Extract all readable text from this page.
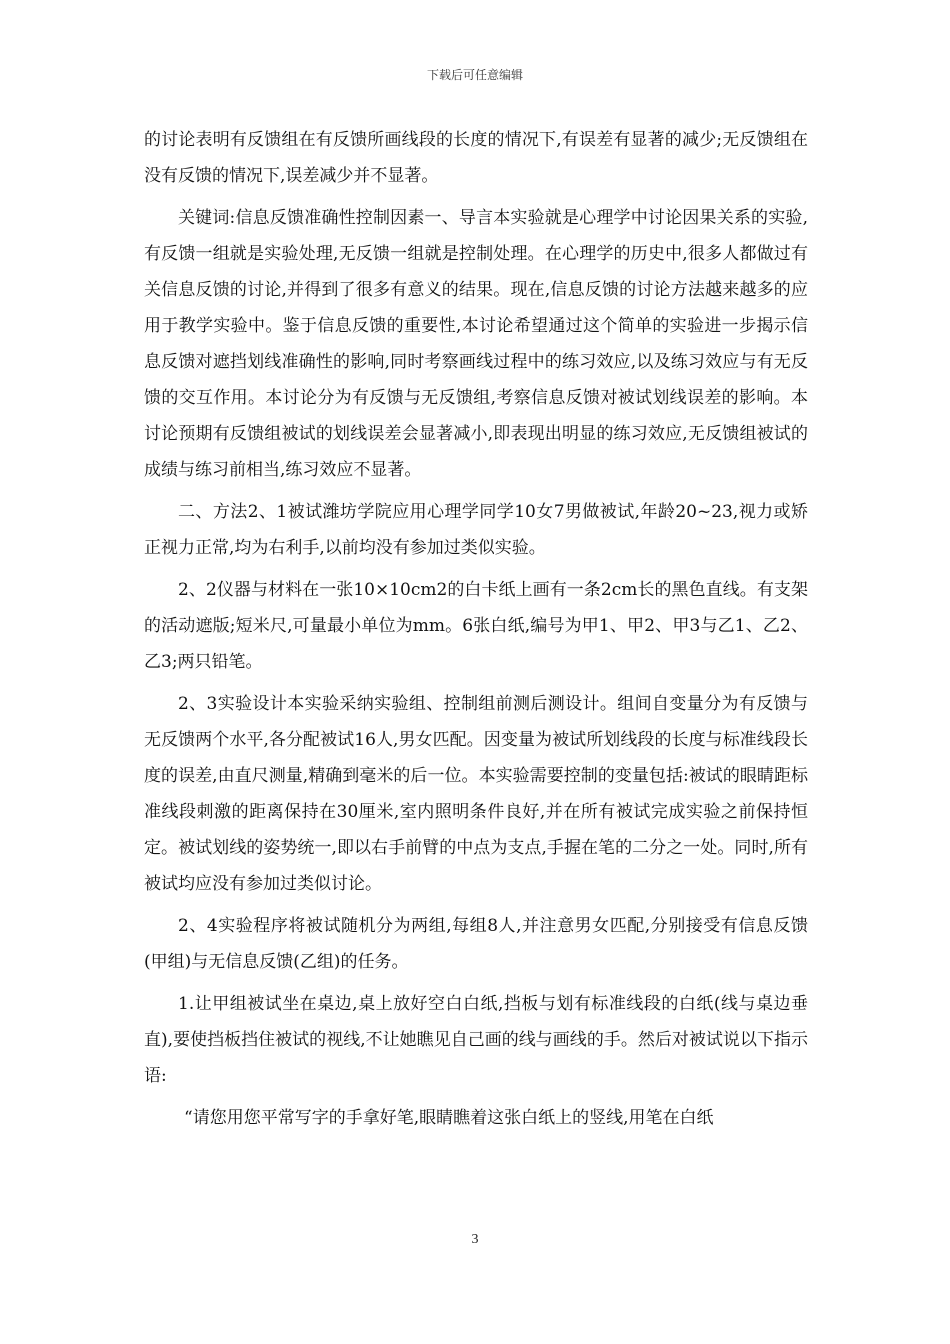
下载后可任意编辑

的讨论表明有反馈组在有反馈所画线段的长度的情况下,有误差有显著的减少;无反馈组在没有反馈的情况下,误差减少并不显著。

关键词:信息反馈准确性控制因素一、导言本实验就是心理学中讨论因果关系的实验,有反馈一组就是实验处理,无反馈一组就是控制处理。在心理学的历史中,很多人都做过有关信息反馈的讨论,并得到了很多有意义的结果。现在,信息反馈的讨论方法越来越多的应用于教学实验中。鉴于信息反馈的重要性,本讨论希望通过这个简单的实验进一步揭示信息反馈对遮挡划线准确性的影响,同时考察画线过程中的练习效应,以及练习效应与有无反馈的交互作用。本讨论分为有反馈与无反馈组,考察信息反馈对被试划线误差的影响。本讨论预期有反馈组被试的划线误差会显著减小,即表现出明显的练习效应,无反馈组被试的成绩与练习前相当,练习效应不显著。

二、方法2、1被试潍坊学院应用心理学同学10女7男做被试,年龄20~23,视力或矫正视力正常,均为右利手,以前均没有参加过类似实验。

2、2仪器与材料在一张10×10cm2的白卡纸上画有一条2cm长的黑色直线。有支架的活动遮版;短米尺,可量最小单位为mm。6张白纸,编号为甲1、甲2、甲3与乙1、乙2、乙3;两只铅笔。

2、3实验设计本实验采纳实验组、控制组前测后测设计。组间自变量分为有反馈与无反馈两个水平,各分配被试16人,男女匹配。因变量为被试所划线段的长度与标准线段长度的误差,由直尺测量,精确到毫米的后一位。本实验需要控制的变量包括:被试的眼睛距标准线段刺激的距离保持在30厘米,室内照明条件良好,并在所有被试完成实验之前保持恒定。被试划线的姿势统一,即以右手前臂的中点为支点,手握在笔的二分之一处。同时,所有被试均应没有参加过类似讨论。

2、4实验程序将被试随机分为两组,每组8人,并注意男女匹配,分别接受有信息反馈(甲组)与无信息反馈(乙组)的任务。

1.让甲组被试坐在桌边,桌上放好空白白纸,挡板与划有标准线段的白纸(线与桌边垂直),要使挡板挡住被试的视线,不让她瞧见自己画的线与画线的手。然后对被试说以下指示语:

“请您用您平常写字的手拿好笔,眼睛瞧着这张白纸上的竖线,用笔在白纸

3
